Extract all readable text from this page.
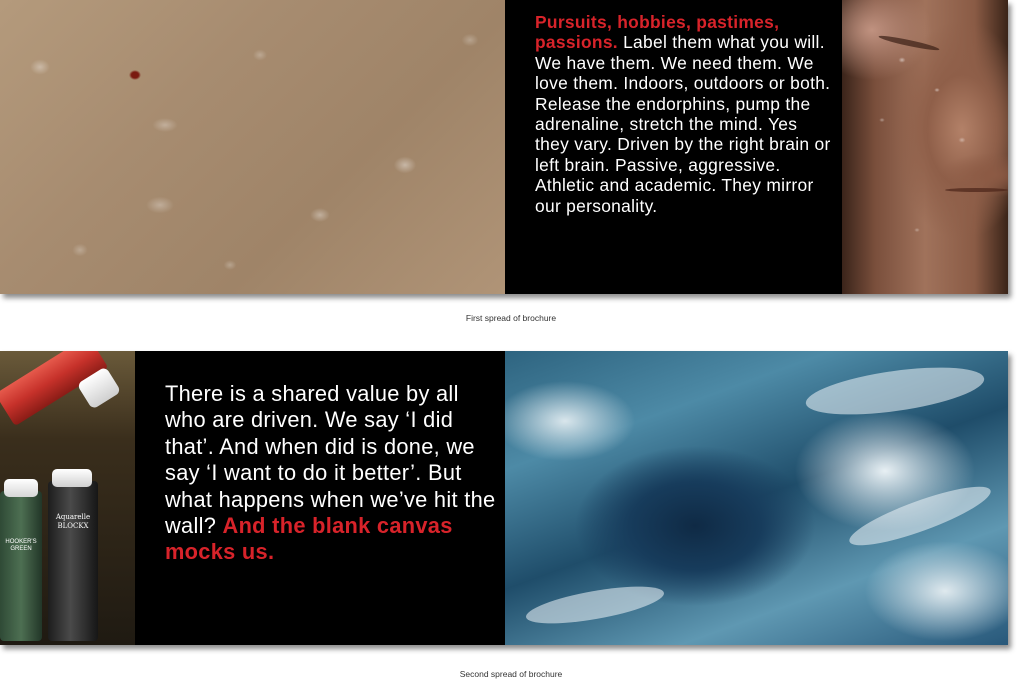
Pursuits, hobbies, pastimes, passions. Label them what you will. We have them. We need them. We love them. Indoors, outdoors or both. Release the endorphins, pump the adrenaline, stretch the mind. Yes they vary. Driven by the right brain or left brain. Passive, aggressive. Athletic and academic. They mirror our personality.
First spread of brochure
Aquarelle BLOCKX
HOOKER'S GREEN
There is a shared value by all who are driven. We say ‘I did that’. And when did is done, we say ‘I want to do it better’. But what happens when we’ve hit the wall? And the blank canvas mocks us.
Second spread of brochure
